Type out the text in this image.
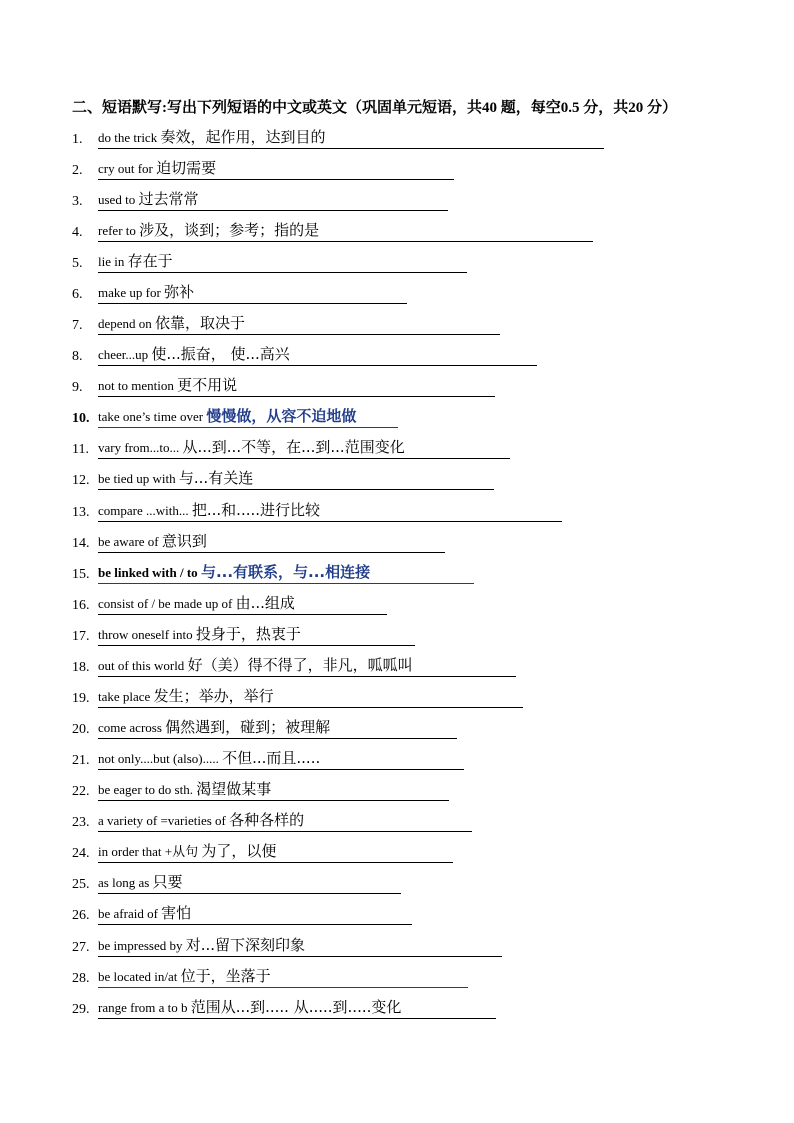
二、短语默写:写出下列短语的中文或英文（巩固单元短语，共40 题，每空0.5 分，共20 分）
1.	do the trick 奏效，起作用，达到目的
2.	cry out for 迫切需要
3.	used to 过去常常
4.	refer to 涉及，谈到；参考；指的是
5.	lie in 存在于
6.	make up for 弥补
7.	depend on 依靠，取决于
8.	cheer...up 使...振奋， 使...高兴
9.	not to mention 更不用说
10. take one’s time over 慢慢做，从容不迫地做
11. vary from...to... 从...到...不等，在...到...范围变化
12. be tied up with 与...有关连
13. compare ...with... 把...和.....进行比较
14. be aware of 意识到
15. be linked with / to 与...有联系，与...相连接
16. consist of / be made up of 由...组成
17. throw oneself into 投身于，热衷于
18. out of this world 好（美）得不得了，非凡，呱呱叫
19. take place 发生；举办，举行
20. come across 偶然遇到，碰到；被理解
21. not only....but (also)..... 不但...而且.....
22. be eager to do sth. 渴望做某事
23. a variety of =varieties of 各种各样的
24. in order that +从句 为了，以便
25. as long as 只要
26. be afraid of 害怕
27. be impressed by 对...留下深刻印象
28. be located in/at 位于，坐落于
29. range from a to b 范围从...到..... 从.....到.....变化
